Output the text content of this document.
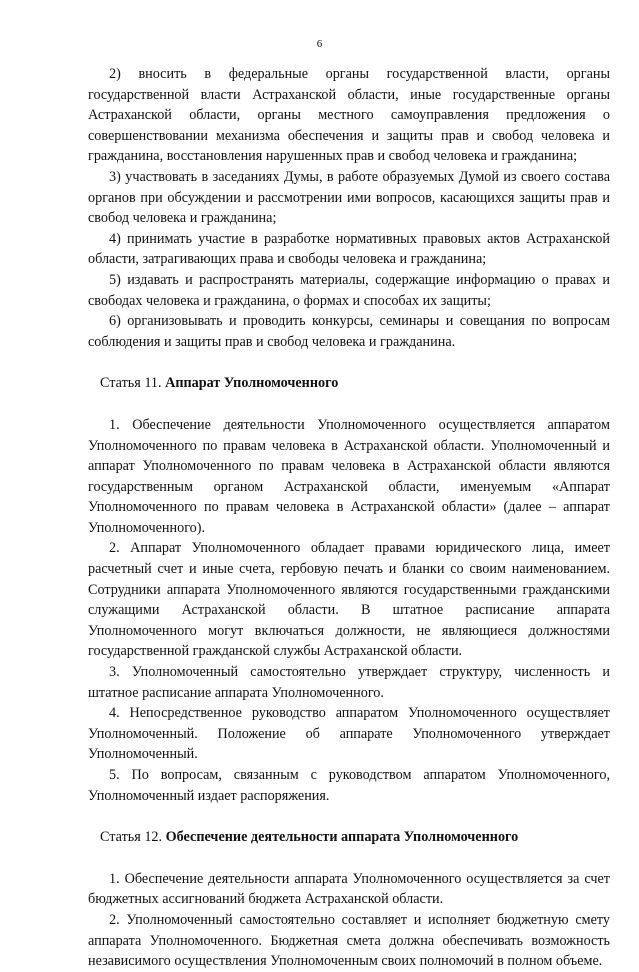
6

2) вносить в федеральные органы государственной власти, органы государственной власти Астраханской области, иные государственные органы Астраханской области, органы местного самоуправления предложения о совершенствовании механизма обеспечения и защиты прав и свобод человека и гражданина, восстановления нарушенных прав и свобод человека и гражданина;

3) участвовать в заседаниях Думы, в работе образуемых Думой из своего состава органов при обсуждении и рассмотрении ими вопросов, касающихся защиты прав и свобод человека и гражданина;

4) принимать участие в разработке нормативных правовых актов Астраханской области, затрагивающих права и свободы человека и гражданина;

5) издавать и распространять материалы, содержащие информацию о правах и свободах человека и гражданина, о формах и способах их защиты;

6) организовывать и проводить конкурсы, семинары и совещания по вопросам соблюдения и защиты прав и свобод человека и гражданина.

Статья 11. Аппарат Уполномоченного

1. Обеспечение деятельности Уполномоченного осуществляется аппаратом Уполномоченного по правам человека в Астраханской области. Уполномоченный и аппарат Уполномоченного по правам человека в Астраханской области являются государственным органом Астраханской области, именуемым «Аппарат Уполномоченного по правам человека в Астраханской области» (далее – аппарат Уполномоченного).

2. Аппарат Уполномоченного обладает правами юридического лица, имеет расчетный счет и иные счета, гербовую печать и бланки со своим наименованием. Сотрудники аппарата Уполномоченного являются государственными гражданскими служащими Астраханской области. В штатное расписание аппарата Уполномоченного могут включаться должности, не являющиеся должностями государственной гражданской службы Астраханской области.

3. Уполномоченный самостоятельно утверждает структуру, численность и штатное расписание аппарата Уполномоченного.

4. Непосредственное руководство аппаратом Уполномоченного осуществляет Уполномоченный. Положение об аппарате Уполномоченного утверждает Уполномоченный.

5. По вопросам, связанным с руководством аппаратом Уполномоченного, Уполномоченный издает распоряжения.

Статья 12. Обеспечение деятельности аппарата Уполномоченного

1. Обеспечение деятельности аппарата Уполномоченного осуществляется за счет бюджетных ассигнований бюджета Астраханской области.

2. Уполномоченный самостоятельно составляет и исполняет бюджетную смету аппарата Уполномоченного. Бюджетная смета должна обеспечивать возможность независимого осуществления Уполномоченным своих полномочий в полном объеме.
